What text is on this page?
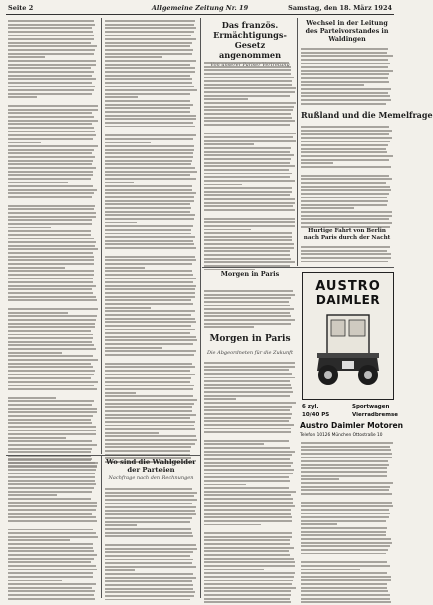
Seite 2	Allgemeine Zeitung Nr. 19	Samstag, den 18. März 1924
Das französ. Ermächtigungs-Gesetz angenommen
Wechsel in der Leitung des Parteivorstandes in Waldingen
Rußland und die Memelfrage
Hurtige Fahrt von Berlin nach Paris durch der Nacht
Morgen in Paris
Morgen in Paris
Die Abgeordneten für die Zukunft
AUSTRO
DAIMLER
6 zyl.
10/40 PS
Sportwagen
Vierradbremse
Austro Daimler Motoren
Telefon 10126 München Ottostraße 10
Wo sind die Wahlgelder der Parteien
Nachfrage nach den Rechnungen
